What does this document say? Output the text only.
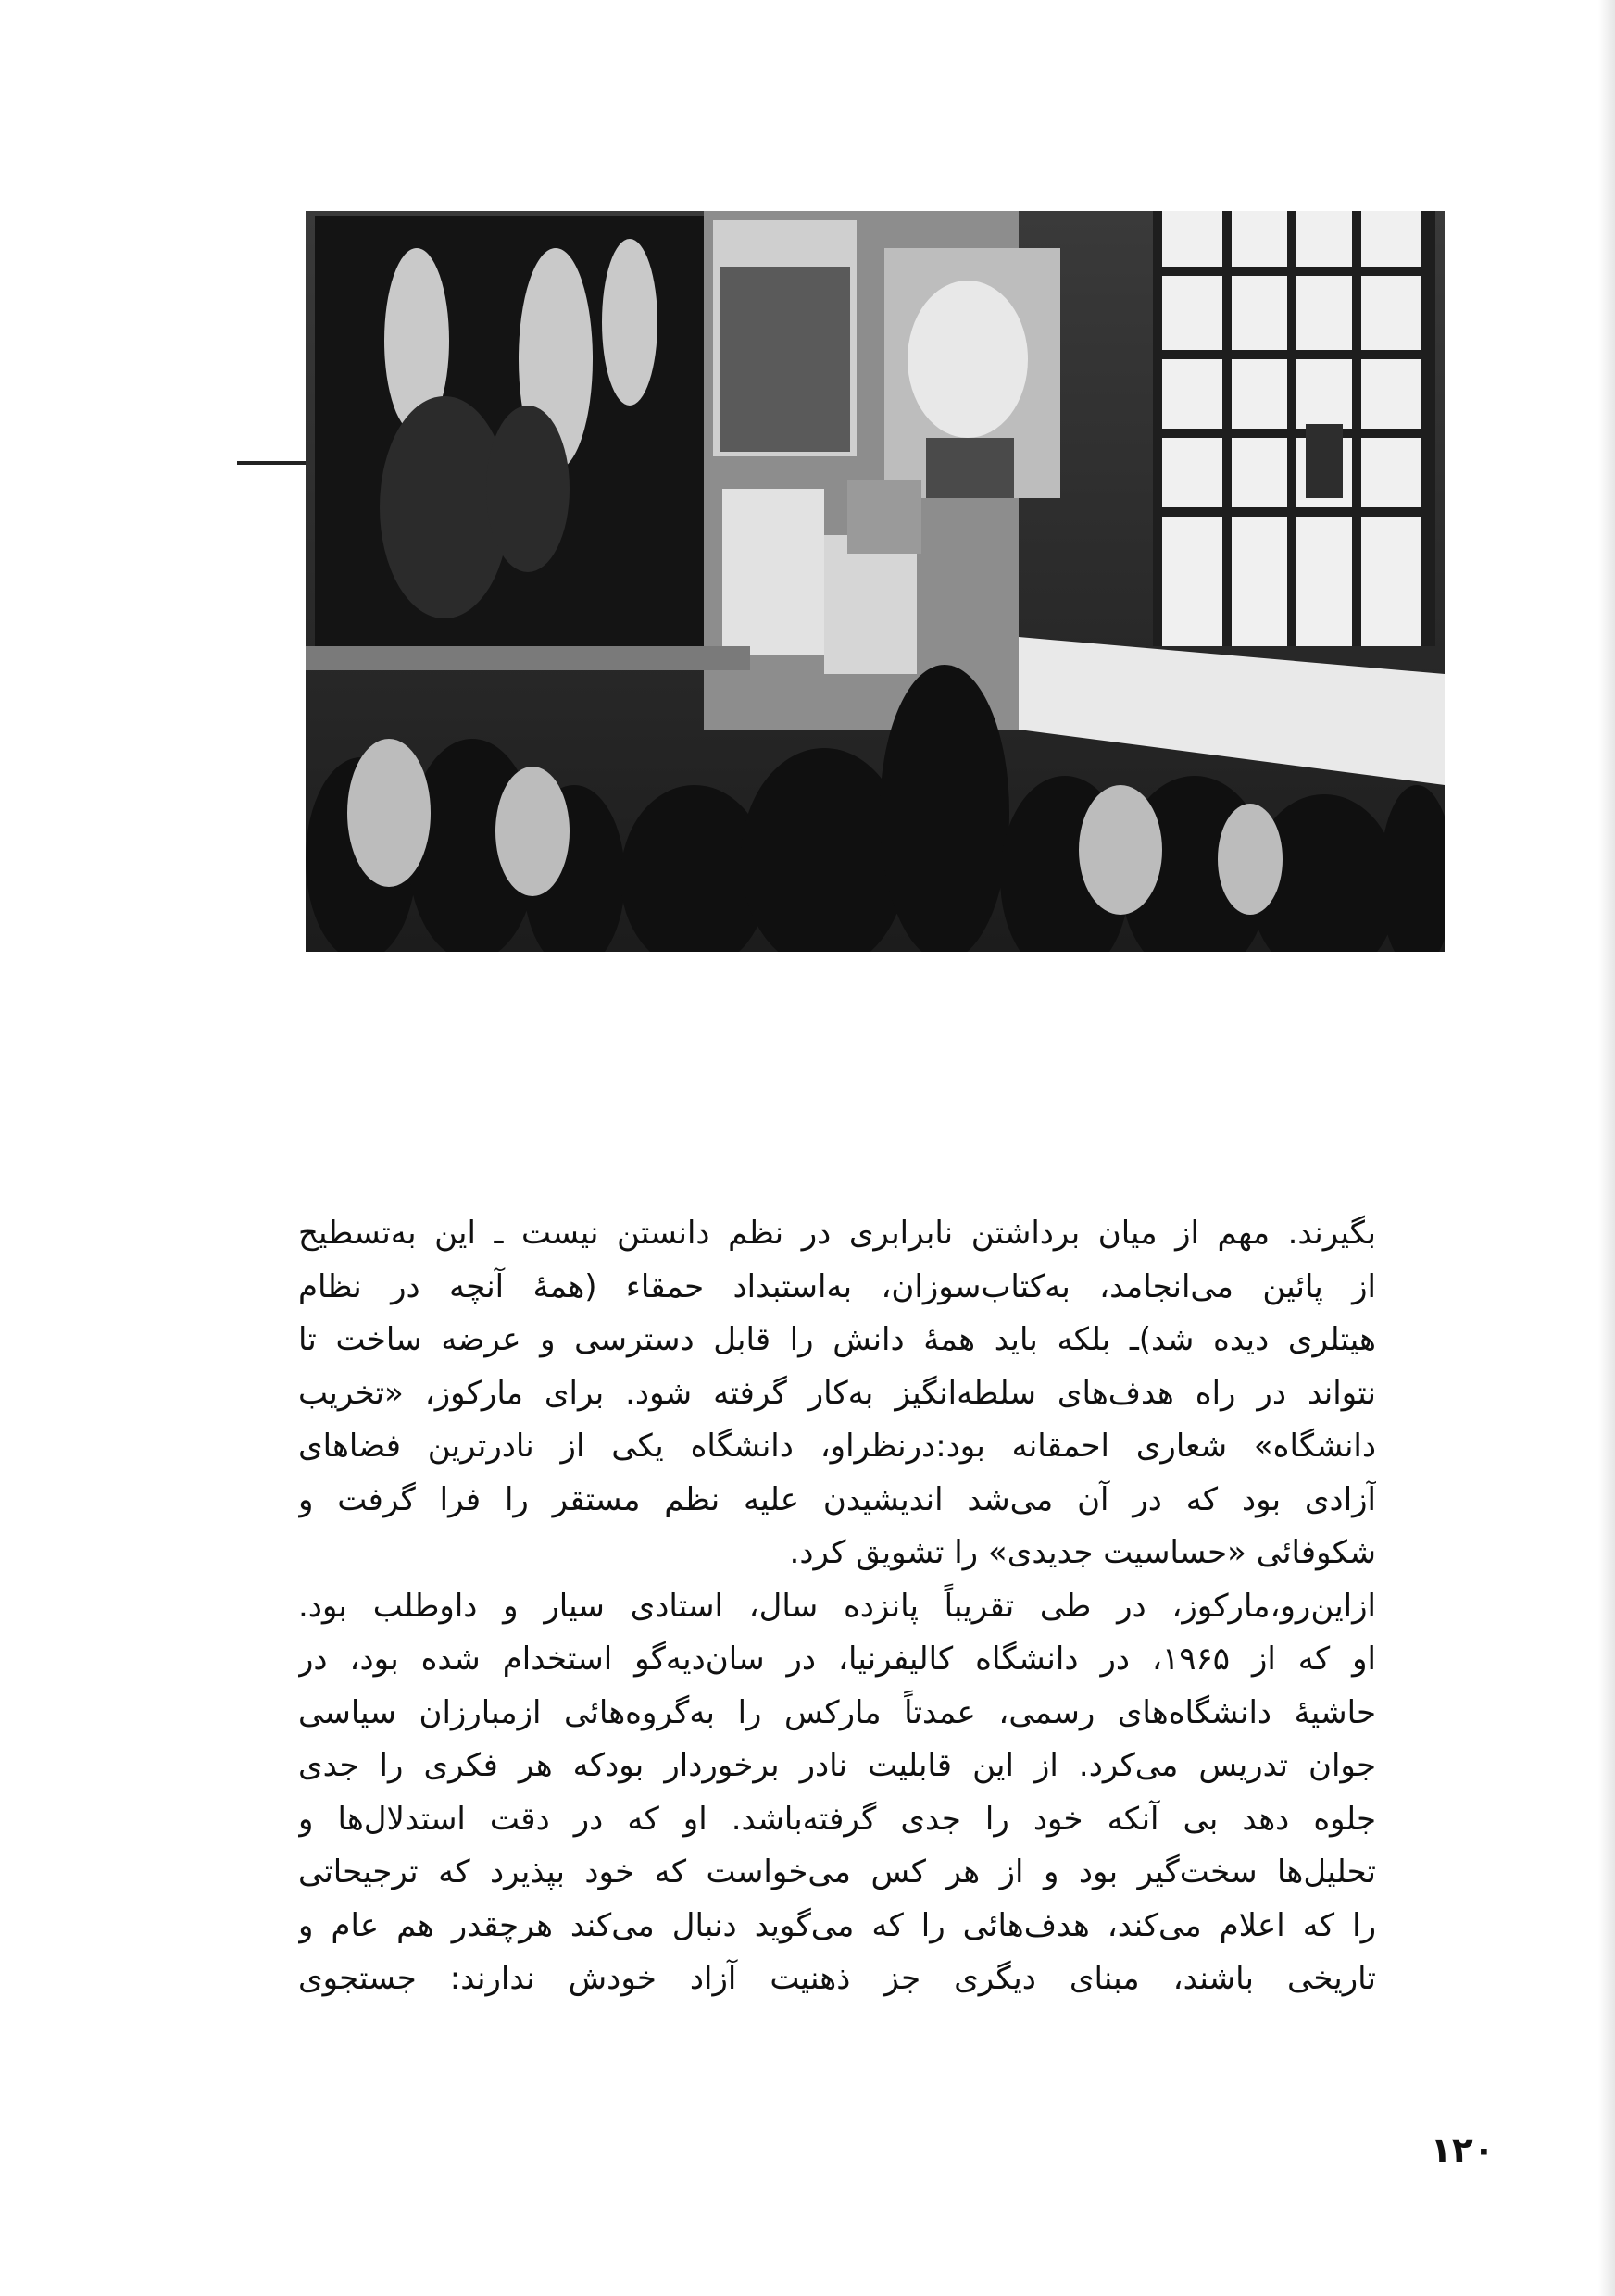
بگیرند. مهم از میان برداشتن نابرابری در نظم دانستن نیست ـ این به‌تسطیح
از پائین می‌انجامد، به‌کتاب‌سوزان، به‌استبداد حمقاء (همهٔ آنچه در نظام
هیتلری دیده شد)ـ بلکه باید همهٔ دانش را قابل دسترسی و عرضه ساخت تا
نتواند در راه هدف‌های سلطه‌انگیز به‌کار گرفته شود. برای مارکوز، «تخریب
دانشگاه» شعاری احمقانه بود:درنظراو، دانشگاه یکی از نادرترین فضاهای
آزادی بود که در آن می‌شد اندیشیدن علیه نظم مستقر را فرا گرفت و
شکوفائی «حساسیت جدیدی» را تشویق کرد.
ازاین‌رو،مارکوز، در طی تقریباً پانزده سال، استادی سیار و داوطلب بود.
او که از ۱۹۶۵، در دانشگاه کالیفرنیا، در سان‌دیه‌گو استخدام شده بود، در
حاشیهٔ دانشگاه‌های رسمی، عمدتاً مارکس را به‌گروه‌هائی ازمبارزان سیاسی
جوان تدریس می‌کرد. از این قابلیت نادر برخوردار بودکه هر فکری را جدی
جلوه دهد بی آنکه خود را جدی گرفته‌باشد. او که در دقت استدلال‌ها و
تحلیل‌ها سخت‌گیر بود و از هر کس می‌خواست که خود بپذیرد که ترجیحاتی
را که اعلام می‌کند، هدف‌هائی را که می‌گوید دنبال می‌کند هرچقدر هم عام و
تاریخی باشند، مبنای دیگری جز ذهنیت آزاد خودش ندارند: جستجوی
۱۲۰
